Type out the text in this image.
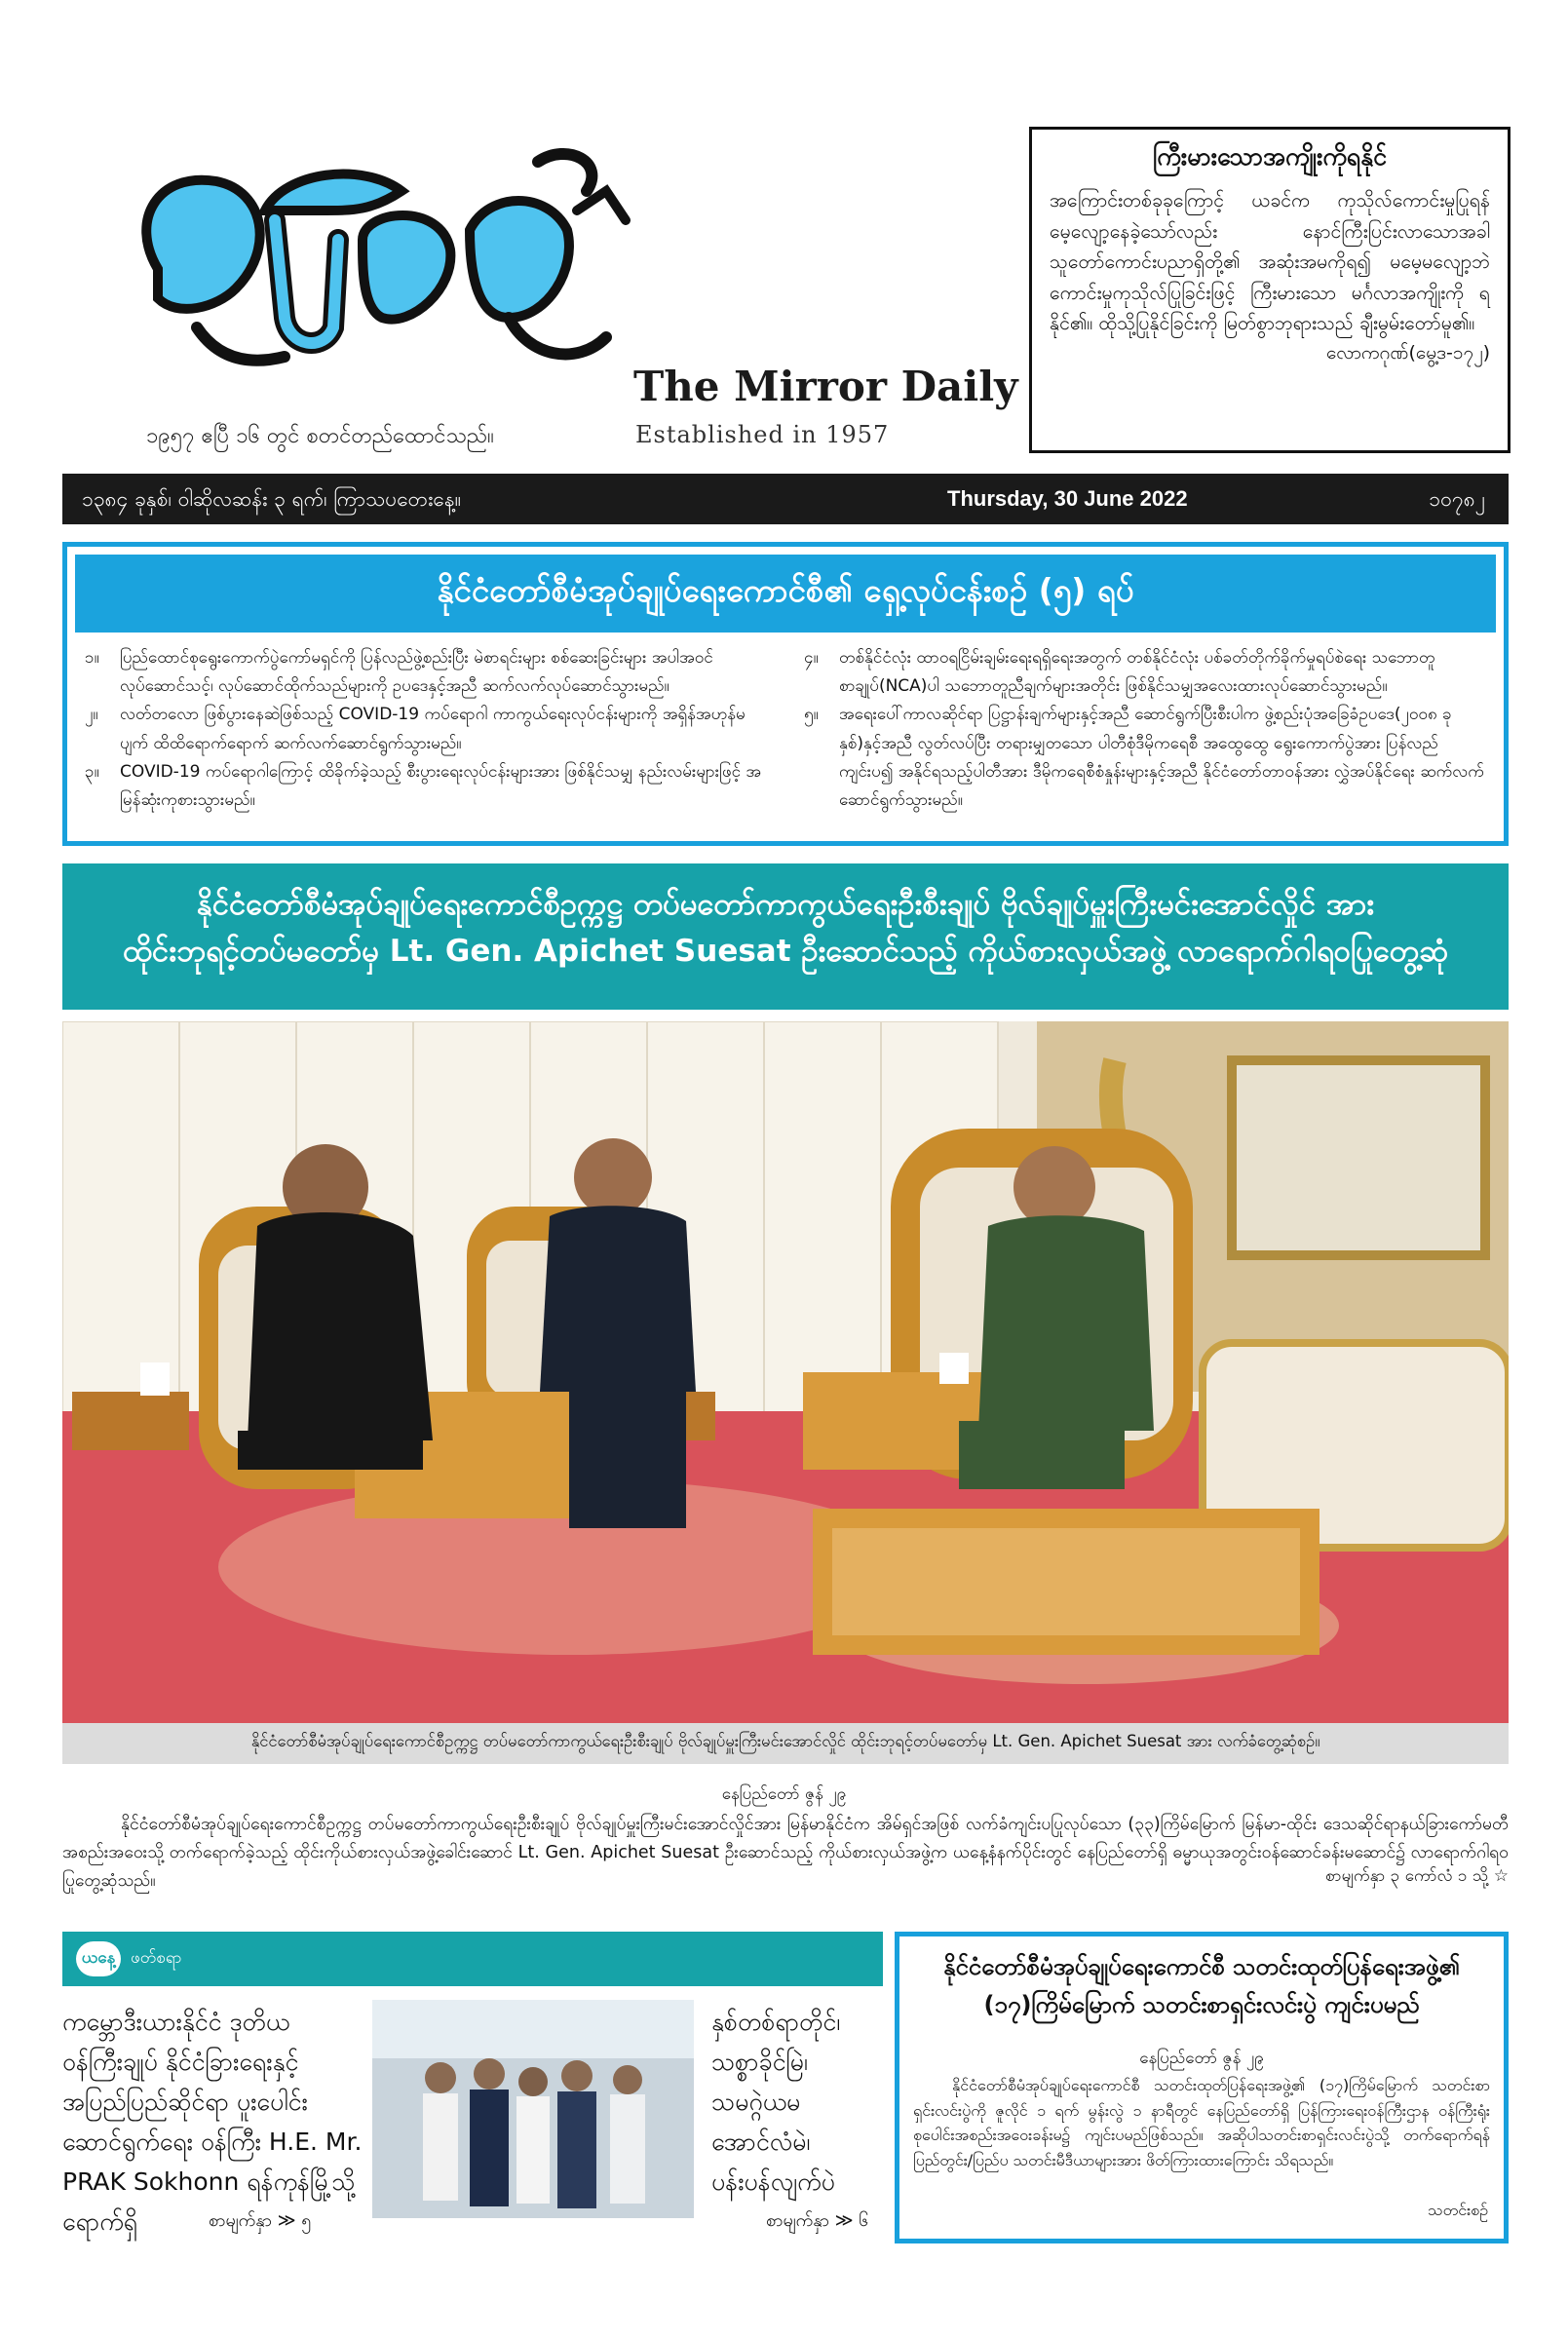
The Mirror Daily
Established in 1957
၁၉၅၇ ဧပြီ ၁၆ တွင် စတင်တည်ထောင်သည်။
ကြီးမားသောအကျိုးကိုရနိုင်
အကြောင်းတစ်ခုခုကြောင့် ယခင်က ကုသိုလ်ကောင်းမှုပြုရန် မေ့လျော့နေခဲ့သော်လည်း နောင်ကြီးပြင်းလာသောအခါ သူတော်ကောင်းပညာရှိတို့၏ အဆုံးအမကိုရ၍ မမေ့မလျော့ဘဲ ကောင်းမှုကုသိုလ်ပြုခြင်းဖြင့် ကြီးမားသော မင်္ဂလာအကျိုးကို ရနိုင်၏။ ထိုသို့ပြုနိုင်ခြင်းကို မြတ်စွာဘုရားသည် ချီးမွမ်းတော်မူ၏။
လောကဂုဏ်(မွေ့ဒ-၁၇၂)
၁၃၈၄ ခုနှစ်၊ ဝါဆိုလဆန်း ၃ ရက်၊ ကြာသပတေးနေ့။	Thursday, 30 June 2022	၁၀၇၈၂
နိုင်ငံတော်စီမံအုပ်ချုပ်ရေးကောင်စီ၏ ရှေ့လုပ်ငန်းစဉ် (၅) ရပ်
၁။	ပြည်ထောင်စုရွေးကောက်ပွဲကော်မရှင်ကို ပြန်လည်ဖွဲ့စည်းပြီး မဲစာရင်းများ စစ်ဆေးခြင်းများ အပါအဝင် လုပ်ဆောင်သင့်၊ လုပ်ဆောင်ထိုက်သည်များကို ဥပဒေနှင့်အညီ ဆက်လက်လုပ်ဆောင်သွားမည်။
၂။	လတ်တလော ဖြစ်ပွားနေဆဲဖြစ်သည့် COVID-19 ကပ်ရောဂါ ကာကွယ်ရေးလုပ်ငန်းများကို အရှိန်အဟုန်မပျက် ထိထိရောက်ရောက် ဆက်လက်ဆောင်ရွက်သွားမည်။
၃။	COVID-19 ကပ်ရောဂါကြောင့် ထိခိုက်ခဲ့သည့် စီးပွားရေးလုပ်ငန်းများအား ဖြစ်နိုင်သမျှ နည်းလမ်းများဖြင့် အမြန်ဆုံးကုစားသွားမည်။
၄။	တစ်နိုင်ငံလုံး ထာဝရငြိမ်းချမ်းရေးရရှိရေးအတွက် တစ်နိုင်ငံလုံး ပစ်ခတ်တိုက်ခိုက်မှုရပ်စဲရေး သဘောတူစာချုပ်(NCA)ပါ သဘောတူညီချက်များအတိုင်း ဖြစ်နိုင်သမျှအလေးထားလုပ်ဆောင်သွားမည်။
၅။	အရေးပေါ်ကာလဆိုင်ရာ ပြဋ္ဌာန်းချက်များနှင့်အညီ ဆောင်ရွက်ပြီးစီးပါက ဖွဲ့စည်းပုံအခြေခံဥပဒေ(၂၀၀၈ ခုနှစ်)နှင့်အညီ လွတ်လပ်ပြီး တရားမျှတသော ပါတီစုံဒီမိုကရေစီ အထွေထွေ ရွေးကောက်ပွဲအား ပြန်လည်ကျင်းပ၍ အနိုင်ရသည့်ပါတီအား ဒီမိုကရေစီစံနှုန်းများနှင့်အညီ နိုင်ငံတော်တာဝန်အား လွှဲအပ်နိုင်ရေး ဆက်လက်ဆောင်ရွက်သွားမည်။
နိုင်ငံတော်စီမံအုပ်ချုပ်ရေးကောင်စီဥက္ကဋ္ဌ တပ်မတော်ကာကွယ်ရေးဦးစီးချုပ် ဗိုလ်ချုပ်မှူးကြီးမင်းအောင်လှိုင် အား
ထိုင်းဘုရင့်တပ်မတော်မှ Lt. Gen. Apichet Suesat ဦးဆောင်သည့် ကိုယ်စားလှယ်အဖွဲ့ လာရောက်ဂါရဝပြုတွေ့ဆုံ
နိုင်ငံတော်စီမံအုပ်ချုပ်ရေးကောင်စီဥက္ကဋ္ဌ တပ်မတော်ကာကွယ်ရေးဦးစီးချုပ် ဗိုလ်ချုပ်မှူးကြီးမင်းအောင်လှိုင် ထိုင်းဘုရင့်တပ်မတော်မှ Lt. Gen. Apichet Suesat အား လက်ခံတွေ့ဆုံစဉ်။
နေပြည်တော် ဇွန် ၂၉
နိုင်ငံတော်စီမံအုပ်ချုပ်ရေးကောင်စီဥက္ကဋ္ဌ တပ်မတော်ကာကွယ်ရေးဦးစီးချုပ် ဗိုလ်ချုပ်မှူးကြီးမင်းအောင်လှိုင်အား မြန်မာနိုင်ငံက အိမ်ရှင်အဖြစ် လက်ခံကျင်းပပြုလုပ်သော (၃၃)ကြိမ်မြောက် မြန်မာ-ထိုင်း ဒေသဆိုင်ရာနယ်ခြားကော်မတီ အစည်းအဝေးသို့ တက်ရောက်ခဲ့သည့် ထိုင်းကိုယ်စားလှယ်အဖွဲ့ခေါင်းဆောင် Lt. Gen. Apichet Suesat ဦးဆောင်သည့် ကိုယ်စားလှယ်အဖွဲ့က ယနေ့နံနက်ပိုင်းတွင် နေပြည်တော်ရှိ ဓမ္မာယုအတွင်းဝန်ဆောင်ခန်းမဆောင်၌ လာရောက်ဂါရဝပြုတွေ့ဆုံသည်။	စာမျက်နှာ ၃ ကော်လံ ၁ သို့ ☆
ယနေ့ ဖတ်စရာ
ကမ္ဘောဒီးယားနိုင်ငံ ဒုတိယဝန်ကြီးချုပ် နိုင်ငံခြားရေးနှင့် အပြည်ပြည်ဆိုင်ရာ ပူးပေါင်းဆောင်ရွက်ရေး ဝန်ကြီး H.E. Mr. PRAK Sokhonn ရန်ကုန်မြို့သို့ ရောက်ရှိ
နှစ်တစ်ရာတိုင်၊
သစ္စာခိုင်မြဲ၊
သမဂ္ဂဲယမ
အောင်လံမဲ၊
ပန်းပန်လျက်ပဲ
စာမျက်နှာ ≫ ၅	စာမျက်နှာ ≫ ၆
နိုင်ငံတော်စီမံအုပ်ချုပ်ရေးကောင်စီ သတင်းထုတ်ပြန်ရေးအဖွဲ့၏ (၁၇)ကြိမ်မြောက် သတင်းစာရှင်းလင်းပွဲ ကျင်းပမည်
နေပြည်တော် ဇွန် ၂၉
နိုင်ငံတော်စီမံအုပ်ချုပ်ရေးကောင်စီ သတင်းထုတ်ပြန်ရေးအဖွဲ့၏ (၁၇)ကြိမ်မြောက် သတင်းစာရှင်းလင်းပွဲကို ဇူလိုင် ၁ ရက် မွန်းလွဲ ၁ နာရီတွင် နေပြည်တော်ရှိ ပြန်ကြားရေးဝန်ကြီးဌာန ဝန်ကြီးရုံး စုပေါင်းအစည်းအဝေးခန်းမ၌ ကျင်းပမည်ဖြစ်သည်။ အဆိုပါသတင်းစာရှင်းလင်းပွဲသို့ တက်ရောက်ရန် ပြည်တွင်း/ပြည်ပ သတင်းမီဒီယာများအား ဖိတ်ကြားထားကြောင်း သိရသည်။
သတင်းစဉ်
